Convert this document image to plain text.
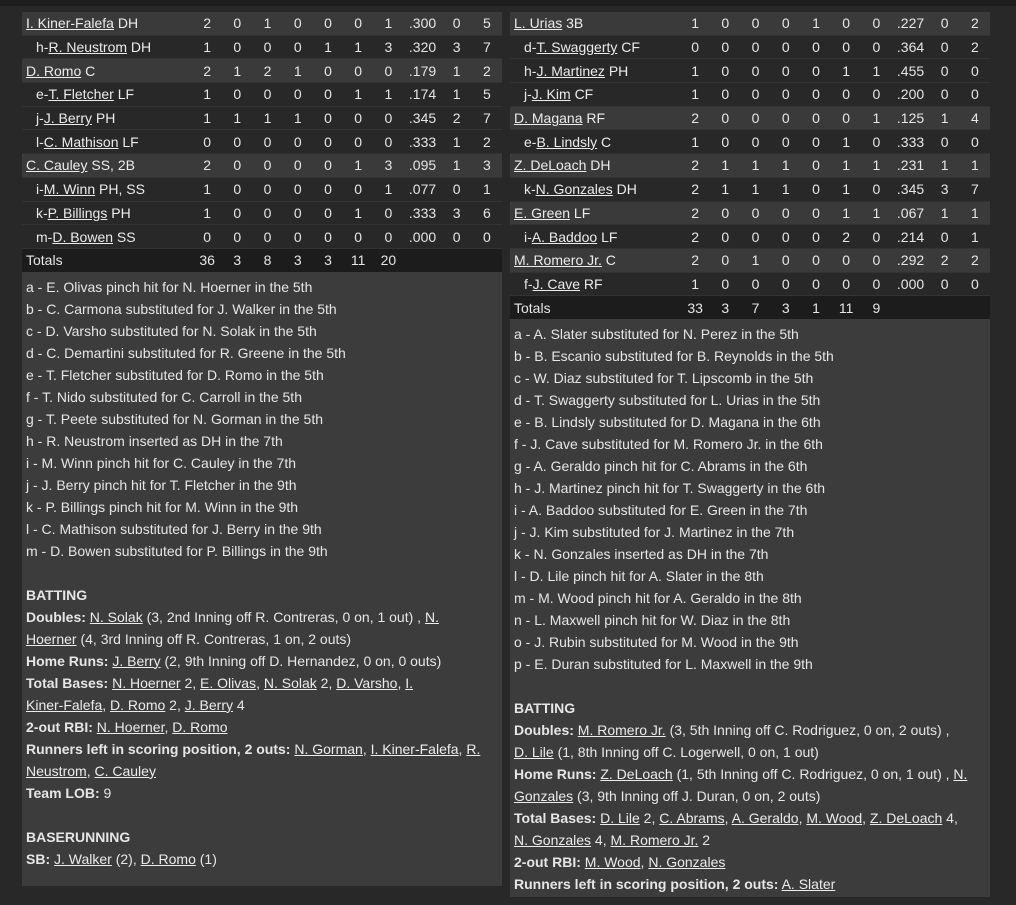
I. Kiner-Falefa DH	2	0	1	0	0	0	1	.300	0	5
h-R. Neustrom DH	1	0	0	0	1	1	3	.320	3	7
D. Romo C	2	1	2	1	0	0	0	.179	1	2
e-T. Fletcher LF	1	0	0	0	0	1	1	.174	1	5
j-J. Berry PH	1	1	1	1	0	0	0	.345	2	7
l-C. Mathison LF	0	0	0	0	0	0	0	.333	1	2
C. Cauley SS, 2B	2	0	0	0	0	1	3	.095	1	3
i-M. Winn PH, SS	1	0	0	0	0	0	1	.077	0	1
k-P. Billings PH	1	0	0	0	0	1	0	.333	3	6
m-D. Bowen SS	0	0	0	0	0	0	0	.000	0	0
Totals	36	3	8	3	3	11	20			
a - E. Olivas pinch hit for N. Hoerner in the 5th
b - C. Carmona substituted for J. Walker in the 5th
c - D. Varsho substituted for N. Solak in the 5th
d - C. Demartini substituted for R. Greene in the 5th
e - T. Fletcher substituted for D. Romo in the 5th
f - T. Nido substituted for C. Carroll in the 5th
g - T. Peete substituted for N. Gorman in the 5th
h - R. Neustrom inserted as DH in the 7th
i - M. Winn pinch hit for C. Cauley in the 7th
j - J. Berry pinch hit for T. Fletcher in the 9th
k - P. Billings pinch hit for M. Winn in the 9th
l - C. Mathison substituted for J. Berry in the 9th
m - D. Bowen substituted for P. Billings in the 9th
BATTING
Doubles: N. Solak (3, 2nd Inning off R. Contreras, 0 on, 1 out) , N.
Hoerner (4, 3rd Inning off R. Contreras, 1 on, 2 outs)
Home Runs: J. Berry (2, 9th Inning off D. Hernandez, 0 on, 0 outs)
Total Bases: N. Hoerner 2, E. Olivas, N. Solak 2, D. Varsho, I.
Kiner-Falefa, D. Romo 2, J. Berry 4
2-out RBI: N. Hoerner, D. Romo
Runners left in scoring position, 2 outs: N. Gorman, I. Kiner-Falefa, R.
Neustrom, C. Cauley
Team LOB: 9
BASERUNNING
SB: J. Walker (2), D. Romo (1)
L. Urias 3B	1	0	0	0	1	0	0	.227	0	2
d-T. Swaggerty CF	0	0	0	0	0	0	0	.364	0	2
h-J. Martinez PH	1	0	0	0	0	1	1	.455	0	0
j-J. Kim CF	1	0	0	0	0	0	0	.200	0	0
D. Magana RF	2	0	0	0	0	0	1	.125	1	4
e-B. Lindsly C	1	0	0	0	0	1	0	.333	0	0
Z. DeLoach DH	2	1	1	1	0	1	1	.231	1	1
k-N. Gonzales DH	2	1	1	1	0	1	0	.345	3	7
E. Green LF	2	0	0	0	0	1	1	.067	1	1
i-A. Baddoo LF	2	0	0	0	0	2	0	.214	0	1
M. Romero Jr. C	2	0	1	0	0	0	0	.292	2	2
f-J. Cave RF	1	0	0	0	0	0	0	.000	0	0
Totals	33	3	7	3	1	11	9			
a - A. Slater substituted for N. Perez in the 5th
b - B. Escanio substituted for B. Reynolds in the 5th
c - W. Diaz substituted for T. Lipscomb in the 5th
d - T. Swaggerty substituted for L. Urias in the 5th
e - B. Lindsly substituted for D. Magana in the 6th
f - J. Cave substituted for M. Romero Jr. in the 6th
g - A. Geraldo pinch hit for C. Abrams in the 6th
h - J. Martinez pinch hit for T. Swaggerty in the 6th
i - A. Baddoo substituted for E. Green in the 7th
j - J. Kim substituted for J. Martinez in the 7th
k - N. Gonzales inserted as DH in the 7th
l - D. Lile pinch hit for A. Slater in the 8th
m - M. Wood pinch hit for A. Geraldo in the 8th
n - L. Maxwell pinch hit for W. Diaz in the 8th
o - J. Rubin substituted for M. Wood in the 9th
p - E. Duran substituted for L. Maxwell in the 9th
BATTING
Doubles: M. Romero Jr. (3, 5th Inning off C. Rodriguez, 0 on, 2 outs) ,
D. Lile (1, 8th Inning off C. Logerwell, 0 on, 1 out)
Home Runs: Z. DeLoach (1, 5th Inning off C. Rodriguez, 0 on, 1 out) , N.
Gonzales (3, 9th Inning off J. Duran, 0 on, 2 outs)
Total Bases: D. Lile 2, C. Abrams, A. Geraldo, M. Wood, Z. DeLoach 4,
N. Gonzales 4, M. Romero Jr. 2
2-out RBI: M. Wood, N. Gonzales
Runners left in scoring position, 2 outs: A. Slater
